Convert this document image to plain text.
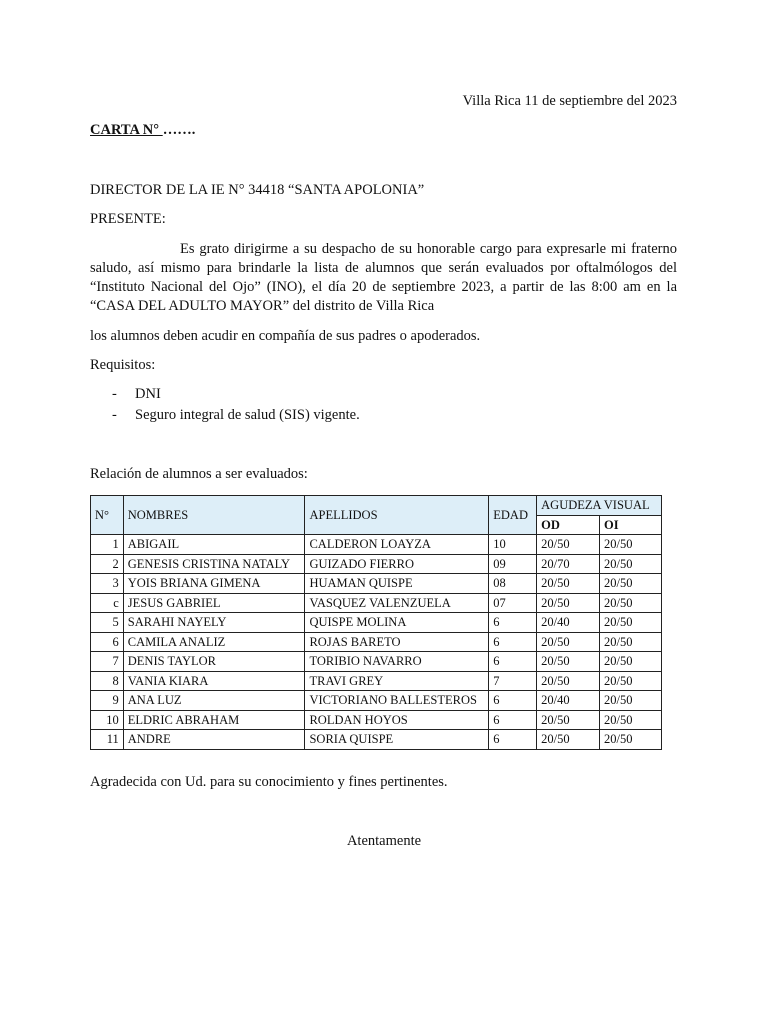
Villa Rica 11 de septiembre del 2023

CARTA N° …….

DIRECTOR DE LA IE N° 34418 “SANTA APOLONIA”

PRESENTE:

Es grato dirigirme a su despacho de su honorable cargo para expresarle mi fraterno saludo, así mismo para brindarle la lista de alumnos que serán evaluados por oftalmólogos del “Instituto Nacional del Ojo” (INO), el día 20 de septiembre 2023, a partir de las 8:00 am en la “CASA DEL ADULTO MAYOR” del distrito de Villa Rica

los alumnos deben acudir en compañía de sus padres o apoderados.

Requisitos:

-	DNI
-	Seguro integral de salud (SIS) vigente.

Relación de alumnos a ser evaluados:

N°	NOMBRES	APELLIDOS	EDAD	AGUDEZA VISUAL	
				OD	OI
1	ABIGAIL	CALDERON LOAYZA	10	20/50	20/50
2	GENESIS CRISTINA NATALY	GUIZADO FIERRO	09	20/70	20/50
3	YOIS BRIANA GIMENA	HUAMAN QUISPE	08	20/50	20/50
c	JESUS GABRIEL	VASQUEZ VALENZUELA	07	20/50	20/50
5	SARAHI NAYELY	QUISPE MOLINA	6	20/40	20/50
6	CAMILA ANALIZ	ROJAS BARETO	6	20/50	20/50
7	DENIS TAYLOR	TORIBIO NAVARRO	6	20/50	20/50
8	VANIA KIARA	TRAVI GREY	7	20/50	20/50
9	ANA LUZ	VICTORIANO BALLESTEROS	6	20/40	20/50
10	ELDRIC ABRAHAM	ROLDAN HOYOS	6	20/50	20/50
11	ANDRE	SORIA QUISPE	6	20/50	20/50

Agradecida con Ud. para su conocimiento y fines pertinentes.

Atentamente
